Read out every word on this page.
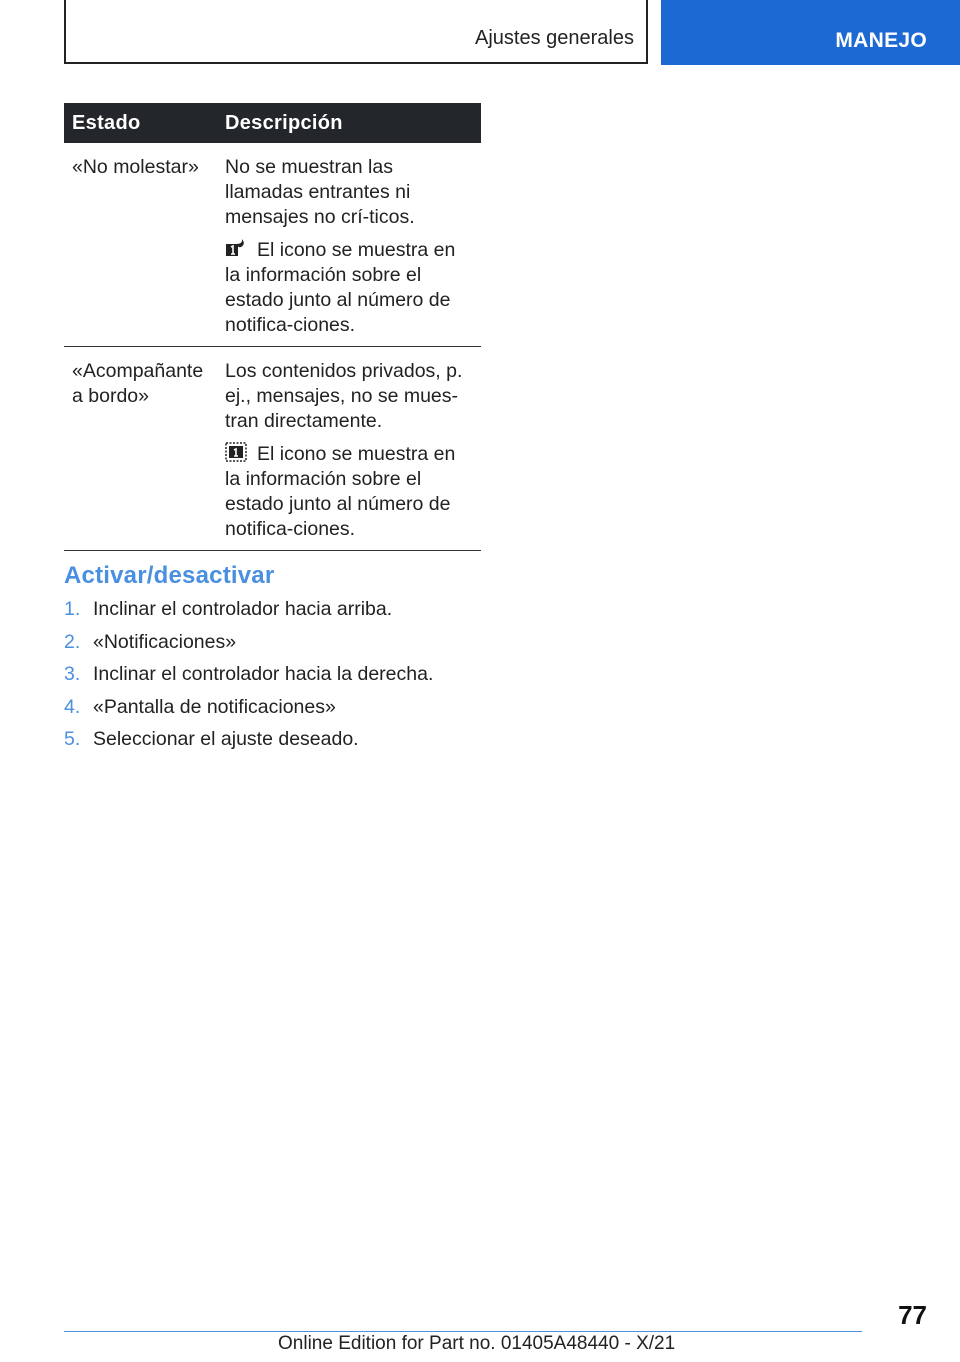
Ajustes generales	MANEJO
Estado	Descripción
«No molestar»	No se muestran las llamadas entrantes ni mensajes no crí-ticos.

El icono se muestra en la información sobre el estado junto al número de notifica-ciones.

«Acompañante a bordo»	Los contenidos privados, p. ej., mensajes, no se mues-tran directamente.

El icono se muestra en la información sobre el estado junto al número de notifica-ciones.

Activar/desactivar
1. Inclinar el controlador hacia arriba.
2. «Notificaciones»
3. Inclinar el controlador hacia la derecha.
4. «Pantalla de notificaciones»
5. Seleccionar el ajuste deseado.
77
Online Edition for Part no. 01405A48440 - X/21
